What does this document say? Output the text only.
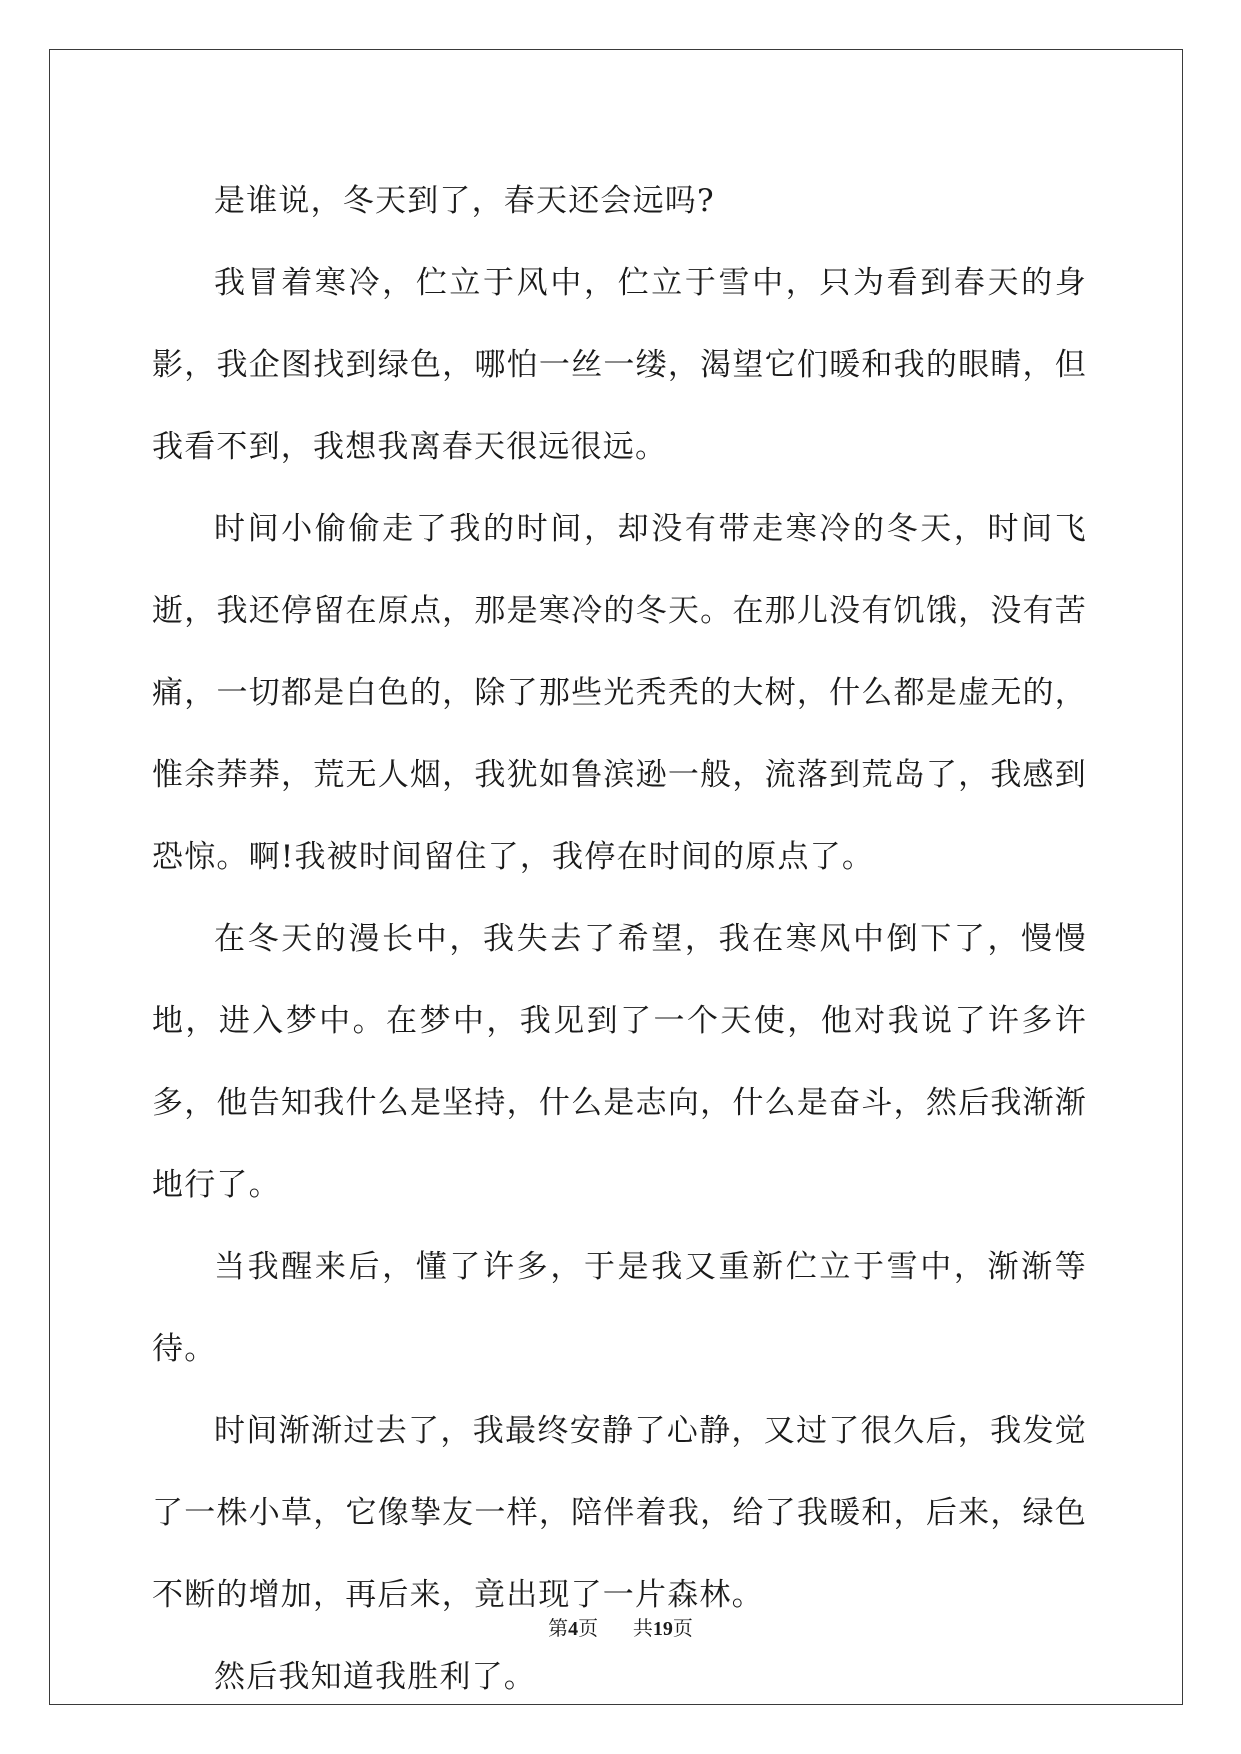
是谁说，冬天到了，春天还会远吗?

我冒着寒冷，伫立于风中，伫立于雪中，只为看到春天的身影，我企图找到绿色，哪怕一丝一缕，渴望它们暖和我的眼睛，但我看不到，我想我离春天很远很远。

时间小偷偷走了我的时间，却没有带走寒冷的冬天，时间飞逝，我还停留在原点，那是寒冷的冬天。在那儿没有饥饿，没有苦痛，一切都是白色的，除了那些光秃秃的大树，什么都是虚无的，惟余莽莽，荒无人烟，我犹如鲁滨逊一般，流落到荒岛了，我感到恐惊。啊!我被时间留住了，我停在时间的原点了。

在冬天的漫长中，我失去了希望，我在寒风中倒下了，慢慢地，进入梦中。在梦中，我见到了一个天使，他对我说了许多许多，他告知我什么是坚持，什么是志向，什么是奋斗，然后我渐渐地行了。

当我醒来后，懂了许多，于是我又重新伫立于雪中，渐渐等待。

时间渐渐过去了，我最终安静了心静，又过了很久后，我发觉了一株小草，它像挚友一样，陪伴着我，给了我暖和，后来，绿色不断的增加，再后来，竟出现了一片森林。

然后我知道我胜利了。

第4页 共19页
